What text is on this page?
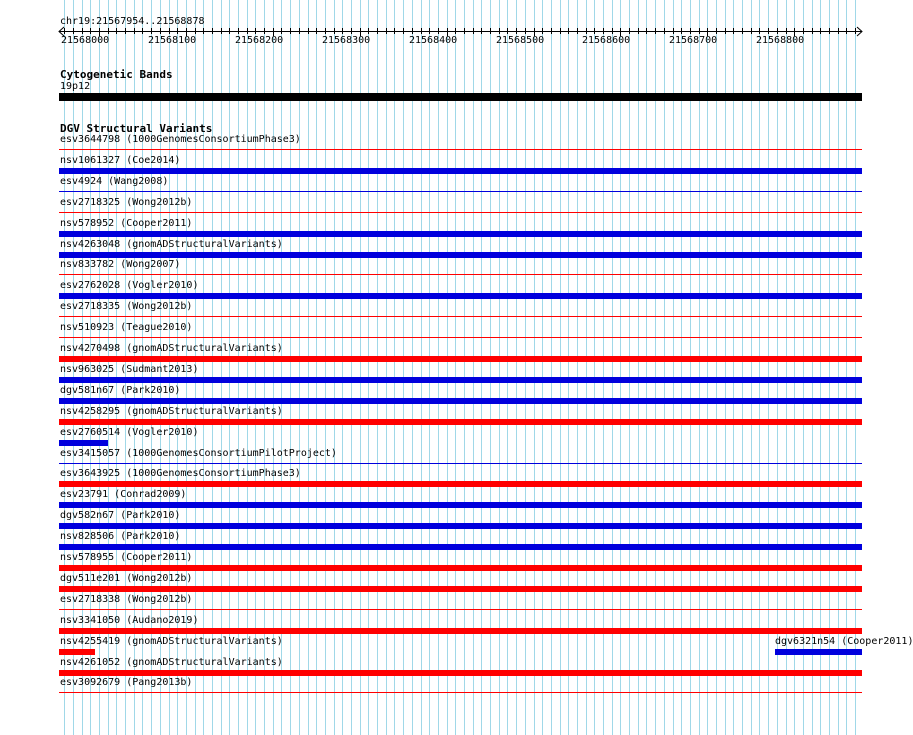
chr19:21567954..21568878
21568000	21568100	21568200	21568300	21568400	21568500	21568600	21568700	21568800
Cytogenetic Bands
19p12
DGV Structural Variants
esv3644798 (1000GenomesConsortiumPhase3)
nsv1061327 (Coe2014)
esv4924 (Wang2008)
esv2718325 (Wong2012b)
nsv578952 (Cooper2011)
nsv4263048 (gnomADStructuralVariants)
nsv833782 (Wong2007)
esv2762028 (Vogler2010)
esv2718335 (Wong2012b)
nsv510923 (Teague2010)
nsv4270498 (gnomADStructuralVariants)
nsv963025 (Sudmant2013)
dgv581n67 (Park2010)
nsv4258295 (gnomADStructuralVariants)
esv2760514 (Vogler2010)
esv3415057 (1000GenomesConsortiumPilotProject)
esv3643925 (1000GenomesConsortiumPhase3)
esv23791 (Conrad2009)
dgv582n67 (Park2010)
nsv828506 (Park2010)
nsv578955 (Cooper2011)
dgv511e201 (Wong2012b)
esv2718338 (Wong2012b)
nsv3341050 (Audano2019)
nsv4255419 (gnomADStructuralVariants)
nsv4261052 (gnomADStructuralVariants)
esv3092679 (Pang2013b)
dgv6321n54 (Cooper2011)
